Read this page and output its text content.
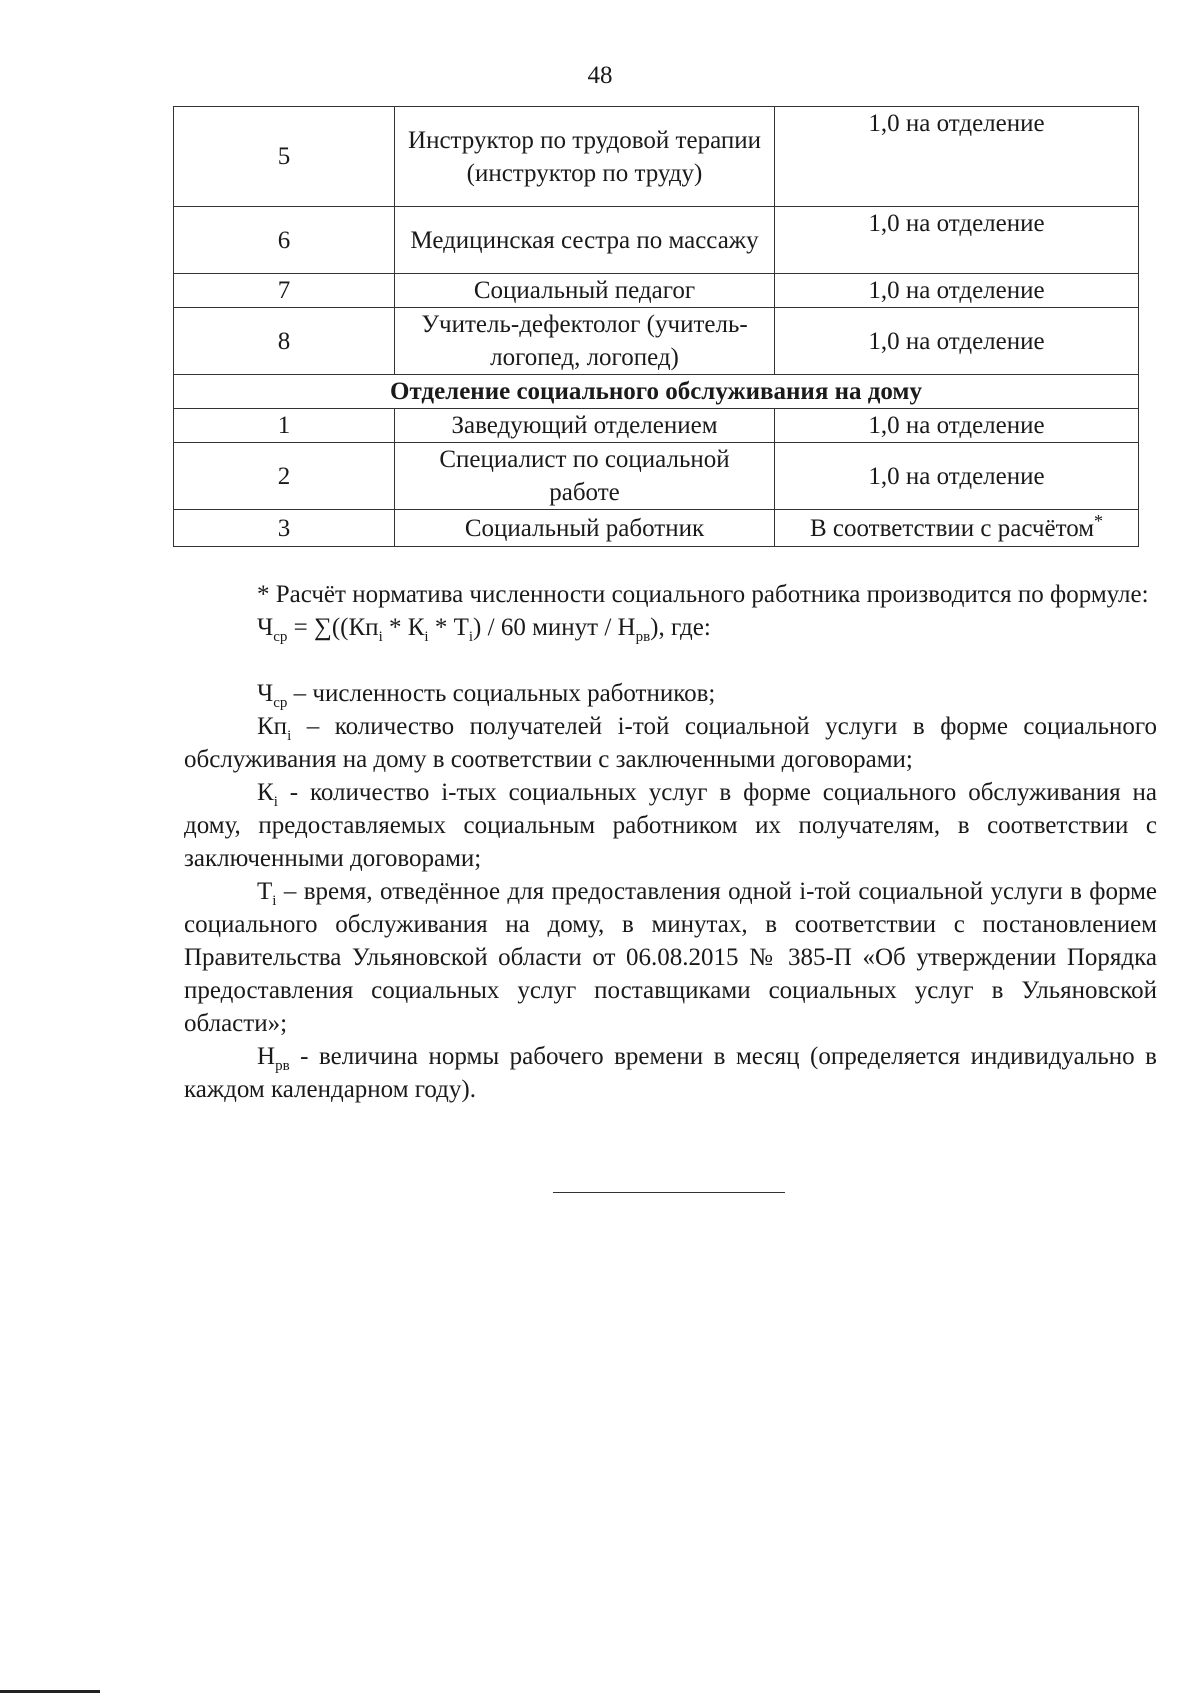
48
5	Инструктор по трудовой терапии (инструктор по труду)	1,0 на отделение
6	Медицинская сестра по массажу	1,0 на отделение
7	Социальный педагог	1,0 на отделение
8	Учитель-дефектолог (учитель-логопед, логопед)	1,0 на отделение
Отделение социального обслуживания на дому		
1	Заведующий отделением	1,0 на отделение
2	Специалист по социальной работе	1,0 на отделение
3	Социальный работник	В соответствии с расчётом*

* Расчёт норматива численности социального работника производится по формуле:

$Ч_{ср} = \sum((Кп_i * К_i * Т_i) / 60$ минут / $Н_{рв}$), где:

$Ч_{ср}$ – численность социальных работников;

$Кп_i$ – количество получателей i-той социальной услуги в форме социального обслуживания на дому в соответствии с заключенными договорами;

$К_i$ - количество i-тых социальных услуг в форме социального обслуживания на дому, предоставляемых социальным работником их получателям, в соответствии с заключенными договорами;

$Т_i$ – время, отведённое для предоставления одной i-той социальной услуги в форме социального обслуживания на дому, в минутах, в соответствии с постановлением Правительства Ульяновской области от 06.08.2015 № 385-П «Об утверждении Порядка предоставления социальных услуг поставщиками социальных услуг в Ульяновской области»;

$Н_{рв}$ - величина нормы рабочего времени в месяц (определяется индивидуально в каждом календарном году).
